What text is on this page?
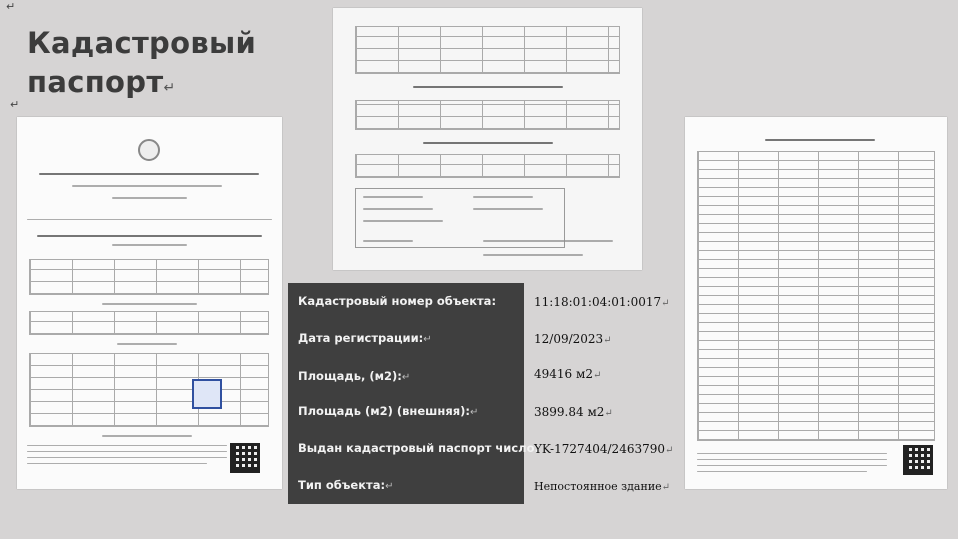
↵
Кадастровый
паспорт↵
↵
Кадастровый номер объекта:
Дата регистрации:↵
Площадь, (м2):↵
Площадь (м2) (внешняя):↵
Выдан кадастровый паспорт число:
Тип объекта:↵
11:18:01:04:01:0017↵
12/09/2023↵
49416 м2↵
3899.84 м2↵
YK-1727404/2463790↵
Непостоянное здание↵
